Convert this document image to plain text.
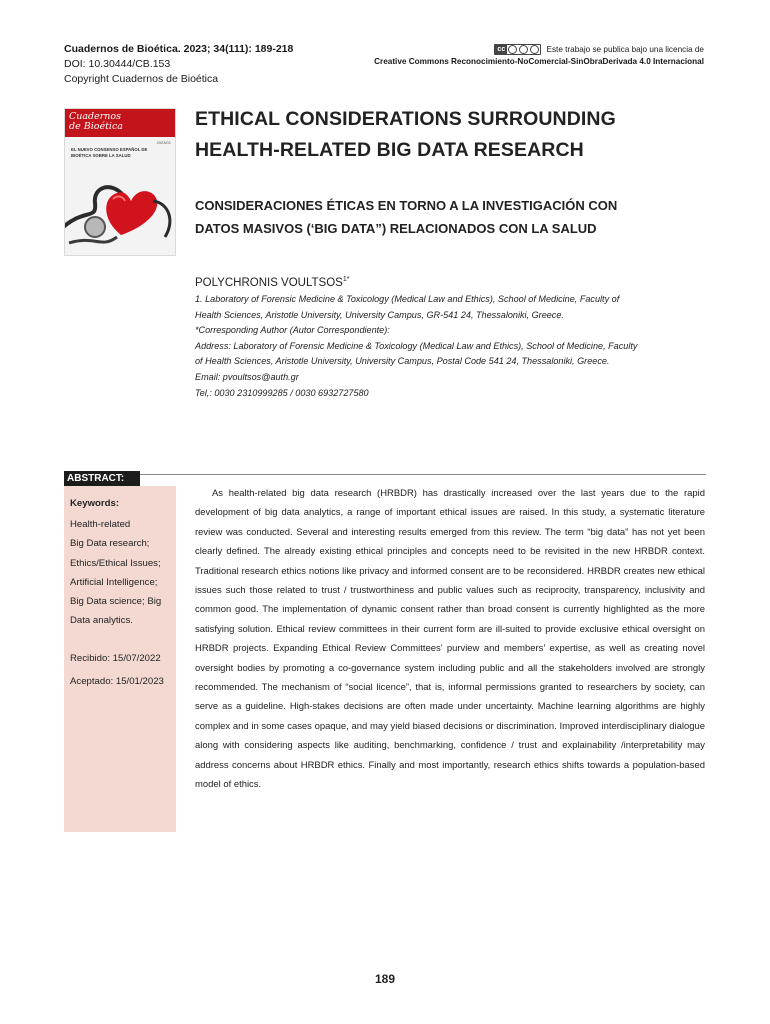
Cuadernos de Bioética. 2023; 34(111): 189-218
DOI: 10.30444/CB.153
Copyright Cuadernos de Bioética
cc	Este trabajo se publica bajo una licencia de
Creative Commons Reconocimiento-NoComercial-SinObraDerivada 4.0 Internacional
Cuadernos
de Bioética
2023/01
EL NUEVO CONSENSO ESPAÑOL DE BIOÉTICA SOBRE LA SALUD
ETHICAL CONSIDERATIONS SURROUNDING
HEALTH-RELATED BIG DATA RESEARCH
CONSIDERACIONES ÉTICAS EN TORNO A LA INVESTIGACIÓN CON
DATOS MASIVOS (‘BIG DATA”) RELACIONADOS CON LA SALUD
POLYCHRONIS $VOULTSOS^{1*}$
1. Laboratory of Forensic Medicine & Toxicology (Medical Law and Ethics), School of Medicine, Faculty of
Health Sciences, Aristotle University, University Campus, GR-541 24, Thessaloniki, Greece.
*Corresponding Author (Autor Correspondiente):
Address: Laboratory of Forensic Medicine & Toxicology (Medical Law and Ethics), School of Medicine, Faculty
of Health Sciences, Aristotle University, University Campus, Postal Code 541 24, Thessaloniki, Greece.
Email: pvoultsos@auth.gr
Tel,: 0030 2310999285 / 0030 6932727580
ABSTRACT:
Keywords:
Health-related
Big Data research;
Ethics/Ethical Issues;
Artificial Intelligence;
Big Data science; Big
Data analytics.
Recibido: 15/07/2022
Aceptado: 15/01/2023

As health-related big data research (HRBDR) has drastically increased over the last years due to the rapid development of big data analytics, a range of important ethical issues are raised. In this study, a systematic literature review was conducted. Several and interesting results emerged from this review. The term “big data” has not yet been clearly defined. The already existing ethical principles and concepts need to be revisited in the new HRBDR context. Traditional research ethics notions like privacy and informed consent are to be reconsidered. HRBDR creates new ethical issues such those related to trust / trustworthiness and public values such as reciprocity, transparency, inclusivity and common good. The implementation of dynamic consent rather than broad consent is currently highlighted as the more satisfying solution. Ethical review committees in their current form are ill-suited to provide exclusive ethical oversight on HRBDR projects. Expanding Ethical Review Committees’ purview and members’ expertise, as well as creating novel oversight bodies by promoting a co-governance system including public and all the stakeholders involved are strongly recommended. The mechanism of “social licence”, that is, informal permissions granted to researchers by society, can serve as a guideline. High-stakes decisions are often made under uncertainty. Machine learning algorithms are highly complex and in some cases opaque, and may yield biased decisions or discrimination. Improved interdisciplinary dialogue along with considering aspects like auditing, benchmarking, confidence / trust and explainability /interpretability may address concerns about HRBDR ethics. Finally and most importantly, research ethics shifts towards a population-based model of ethics.

189
